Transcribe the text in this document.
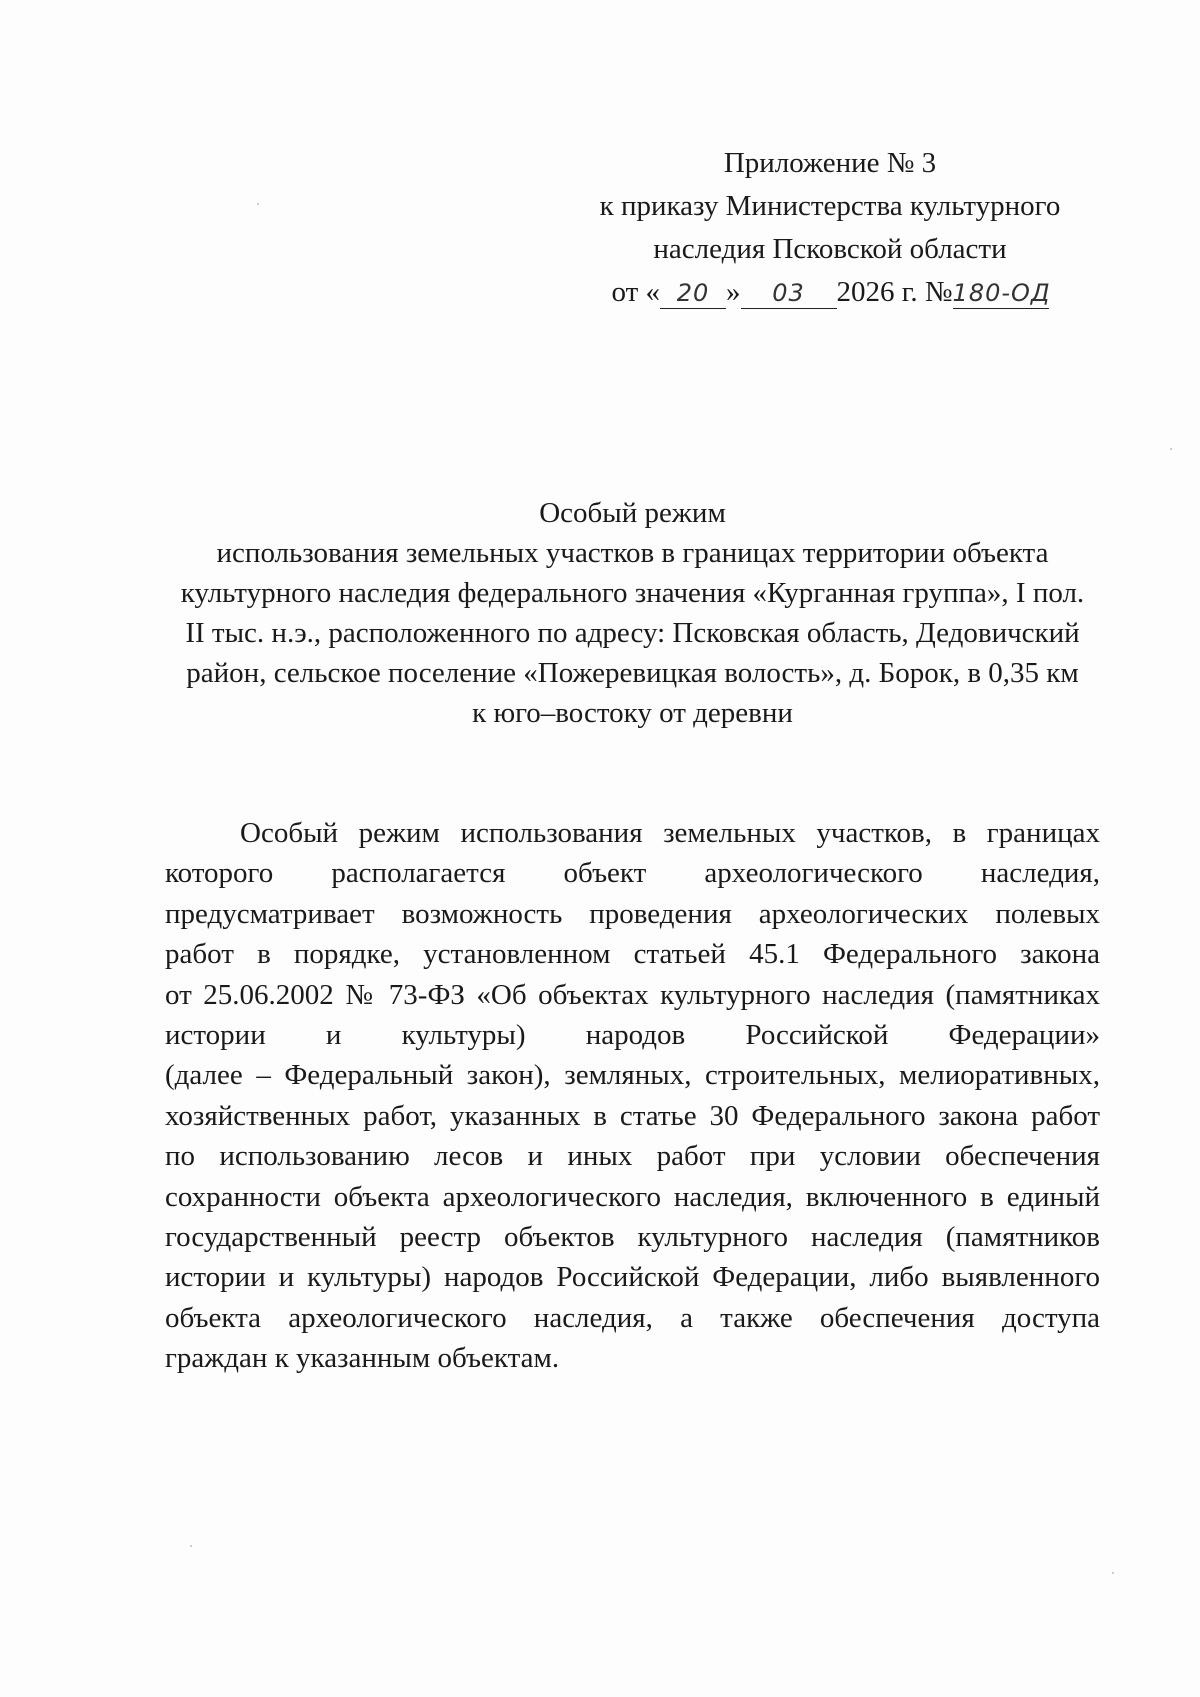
Приложение № 3
к приказу Министерства культурного
наследия Псковской области
от « 20 » 03 2026 г. №180-ОД
Особый режим
использования земельных участков в границах территории объекта
культурного наследия федерального значения «Курганная группа», I пол.
II тыс. н.э., расположенного по адресу: Псковская область, Дедовичский
район, сельское поселение «Пожеревицкая волость», д. Борок, в 0,35 км
к юго–востоку от деревни
Особый режим использования земельных участков, в границах
которого располагается объект археологического наследия,
предусматривает возможность проведения археологических полевых
работ в порядке, установленном статьей 45.1 Федерального закона
от 25.06.2002 № 73-ФЗ «Об объектах культурного наследия (памятниках
истории и культуры) народов Российской Федерации»
(далее – Федеральный закон), земляных, строительных, мелиоративных,
хозяйственных работ, указанных в статье 30 Федерального закона работ
по использованию лесов и иных работ при условии обеспечения
сохранности объекта археологического наследия, включенного в единый
государственный реестр объектов культурного наследия (памятников
истории и культуры) народов Российской Федерации, либо выявленного
объекта археологического наследия, а также обеспечения доступа
граждан к указанным объектам.
